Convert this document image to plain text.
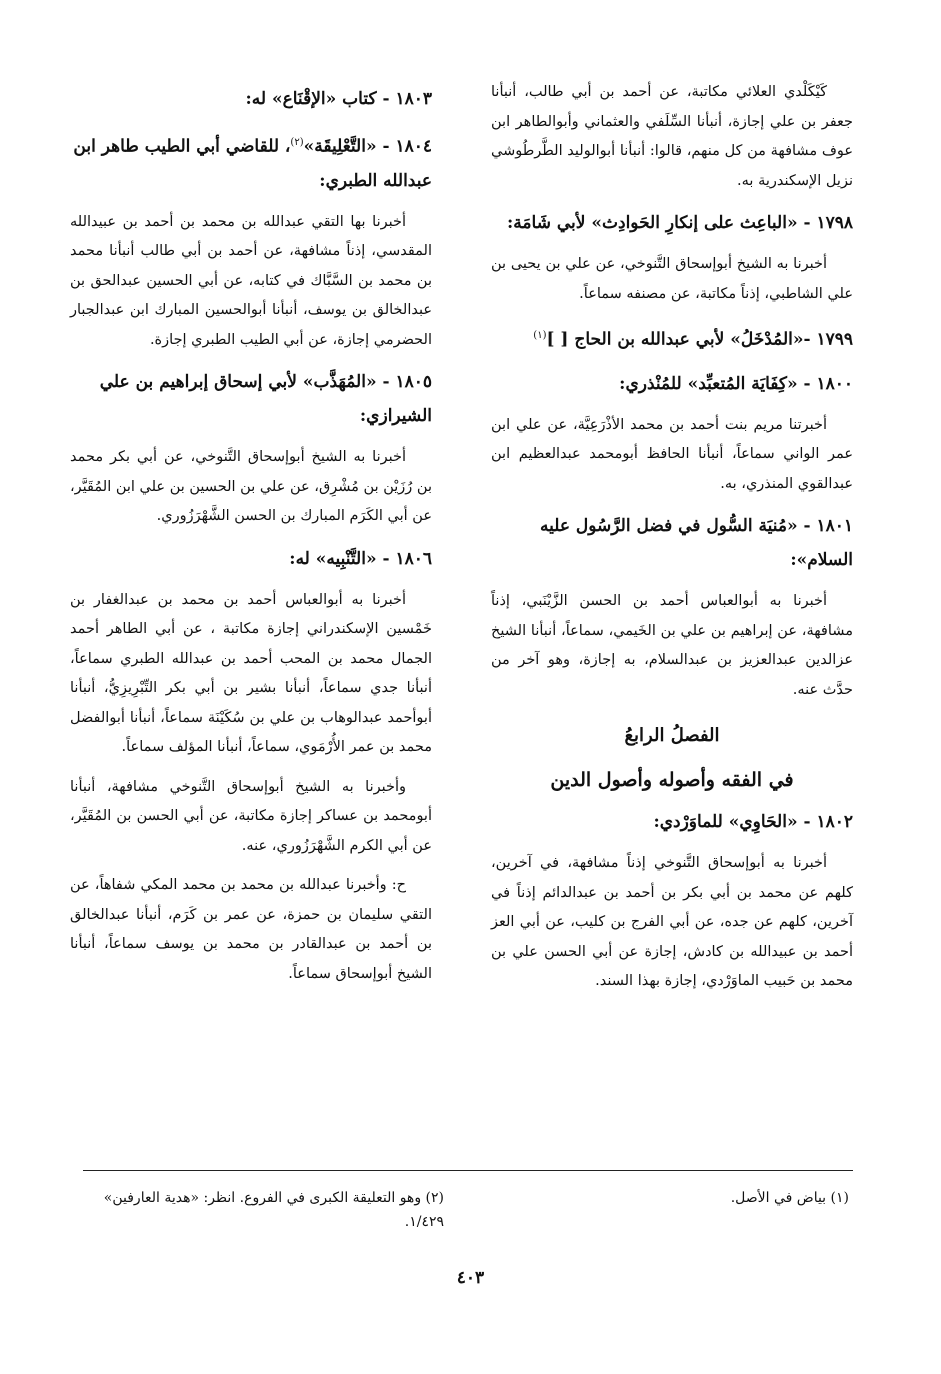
كَيْكَلْدي العلائي مكاتبة، عن أحمد بن أبي طالب، أنبأنا جعفر بن علي إجازة، أنبأنا السِّلَفي والعثماني وأبوالطاهر ابن عوف مشافهة من كل منهم، قالوا: أنبأنا أبوالوليد الطَّرطُوشي نزيل الإسكندرية به.

١٧٩٨ - «الباعِث على إنكارِ الحَوادِث» لأبي شَامَة:

أخبرنا به الشيخ أبوإسحاق التَّنوخي، عن علي بن يحيى بن علي الشاطبي، إذناً مكاتبة، عن مصنفه سماعاً.

١٧٩٩ -«المُدْخَلُ» لأبي عبدالله بن الحاج [ ]$^{(١)}$
١٨٠٠ - «كِفَايَة المُتعبِّد» للمُنْذري:

أخبرتنا مريم بنت أحمد بن محمد الأذْرَعِيَّة، عن علي ابن عمر الواني سماعاً، أنبأنا الحافظ أبومحمد عبدالعظيم ابن عبدالقوي المنذري، به.

١٨٠١ - «مُنيَة السُّول في فضل الرَّسُول عليه السلام»:

أخبرنا به أبوالعباس أحمد بن الحسن الزَّيْنَبي، إذناً مشافهة، عن إبراهيم بن علي بن الخَيمي، سماعاً، أنبأنا الشيخ عزالدين عبدالعزيز بن عبدالسلام، به إجازة، وهو آخر من حدَّث عنه.

الفصلُ الرابعُ
في الفقه وأصوله وأصول الدين
١٨٠٢ - «الحَاوِي» للماوَرْدي:

أخبرنا به أبوإسحاق التَّنوخي إذناً مشافهة، في آخرين، كلهم عن محمد بن أبي بكر بن أحمد بن عبدالدائم إذناً في آخرين، كلهم عن جده، عن أبي الفرج بن كليب، عن أبي العز أحمد بن عبيدالله بن كادش، إجازة عن أبي الحسن علي بن محمد بن حَبيب الماوَرْدي، إجازة بهذا السند.

١٨٠٣ - كتاب «الإقْنَاع» له:
١٨٠٤ - «التَّعْلِيقَة»$^{(٢)}$، للقاضي أبي الطيب طاهر ابن عبدالله الطبري:

أخبرنا بها التقي عبدالله بن محمد بن أحمد بن عبيدالله المقدسي، إذناً مشافهة، عن أحمد بن أبي طالب أنبأنا محمد بن محمد بن السَّبَّاك في كتابه، عن أبي الحسين عبدالحق بن عبدالخالق بن يوسف، أنبأنا أبوالحسين المبارك ابن عبدالجبار الحضرمي إجازة، عن أبي الطيب الطبري إجازة.

١٨٠٥ - «المُهَذَّب» لأبي إسحاق إبراهيم بن علي الشيرازي:

أخبرنا به الشيخ أبوإسحاق التَّنوخي، عن أبي بكر محمد بن رُزَيْن بن مُشْرِق، عن علي بن الحسين بن علي ابن المُقَيَّر، عن أبي الكَرَم المبارك بن الحسن الشَّهْرَزُوري.

١٨٠٦ - «التَّنْبِيه» له:

أخبرنا به أبوالعباس أحمد بن محمد بن عبدالغفار بن خَمْسين الإسكندراني إجازة مكاتبة ، عن أبي الطاهر أحمد الجمال محمد بن المحب أحمد بن عبدالله الطبري سماعاً، أنبأنا جدي سماعاً، أنبأنا بشير بن أبي بكر التِّبْرِيزِيُّ، أنبأنا أبوأحمد عبدالوهاب بن علي بن سُكَيْنَة سماعاً، أنبأنا أبوالفضل محمد بن عمر الأُرْمَوي، سماعاً، أنبأنا المؤلف سماعاً.

وأخبرنا به الشيخ أبوإسحاق التَّنوخي مشافهة، أنبأنا أبومحمد بن عساكر إجازة مكاتبة، عن أبي الحسن بن المُقَيَّر، عن أبي الكرم الشَّهْرَزُوري، عنه.

ح: وأخبرنا عبدالله بن محمد بن محمد المكي شفاهاً، عن التقي سليمان بن حمزة، عن عمر بن كَرَم، أنبأنا عبدالخالق بن أحمد بن عبدالقادر بن محمد بن يوسف سماعاً، أنبأنا الشيخ أبوإسحاق سماعاً.

(١) بياض في الأصل.
(٢) وهو التعليقة الكبرى في الفروع. انظر: «هدية العارفين» ١/٤٢٩.
٤٠٣
